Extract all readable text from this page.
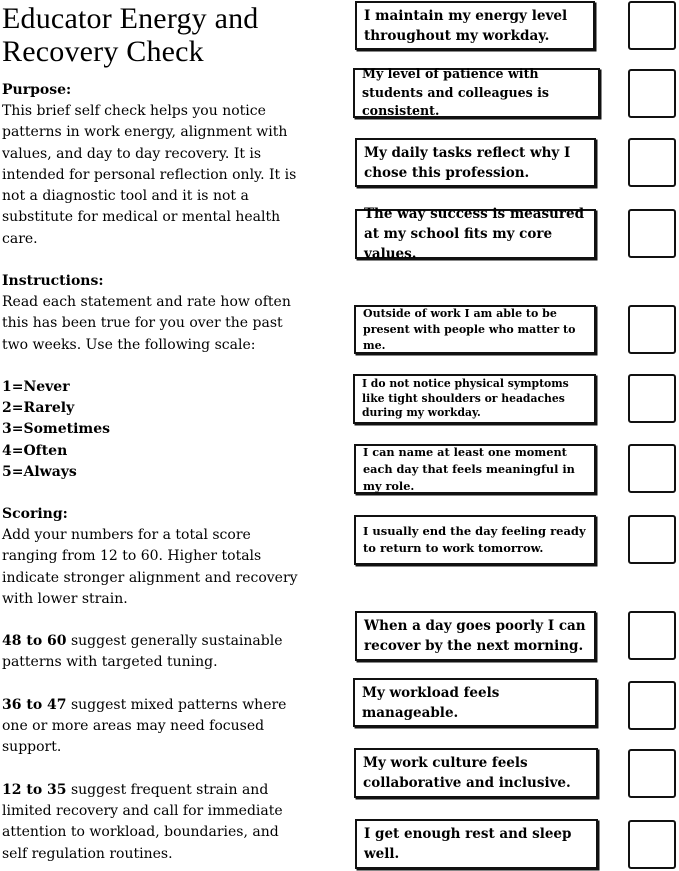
Educator Energy and
Recovery Check

Purpose:

This brief self check helps you notice patterns in work energy, alignment with values, and day to day recovery. It is intended for personal reflection only. It is not a diagnostic tool and it is not a substitute for medical or mental health care.

Instructions:

Read each statement and rate how often this has been true for you over the past two weeks. Use the following scale:

1=Never

2=Rarely

3=Sometimes

4=Often

5=Always

Scoring:

Add your numbers for a total score ranging from 12 to 60. Higher totals indicate stronger alignment and recovery with lower strain.

48 to 60 suggest generally sustainable patterns with targeted tuning.

36 to 47 suggest mixed patterns where one or more areas may need focused support.

12 to 35 suggest frequent strain and limited recovery and call for immediate attention to workload, boundaries, and self regulation routines.

I maintain my energy level throughout my workday.
My level of patience with students and colleagues is consistent.
My daily tasks reflect why I chose this profession.
The way success is measured at my school fits my core values.
Outside of work I am able to be present with people who matter to me.
I do not notice physical symptoms like tight shoulders or headaches during my workday.
I can name at least one moment each day that feels meaningful in my role.
I usually end the day feeling ready to return to work tomorrow.
When a day goes poorly I can recover by the next morning.
My workload feels manageable.
My work culture feels collaborative and inclusive.
I get enough rest and sleep well.
